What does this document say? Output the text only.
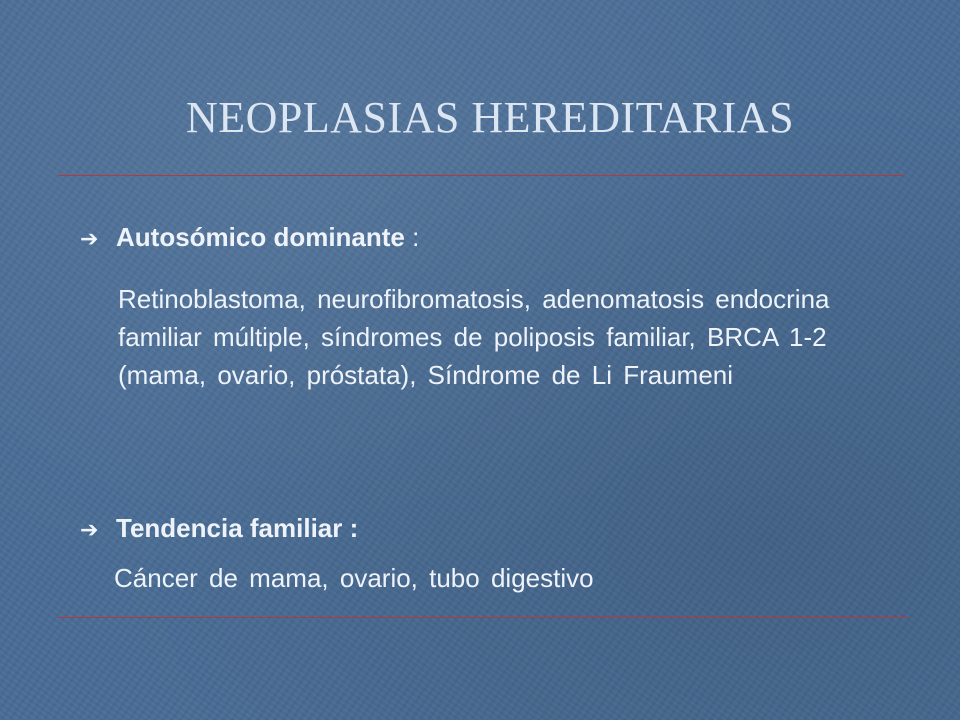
NEOPLASIAS HEREDITARIAS
➔ Autosómico dominante :

Retinoblastoma, neurofibromatosis, adenomatosis endocrina familiar múltiple, síndromes de poliposis familiar, BRCA 1-2 (mama, ovario, próstata), Síndrome de Li Fraumeni

➔ Tendencia familiar :

Cáncer de mama, ovario, tubo digestivo
